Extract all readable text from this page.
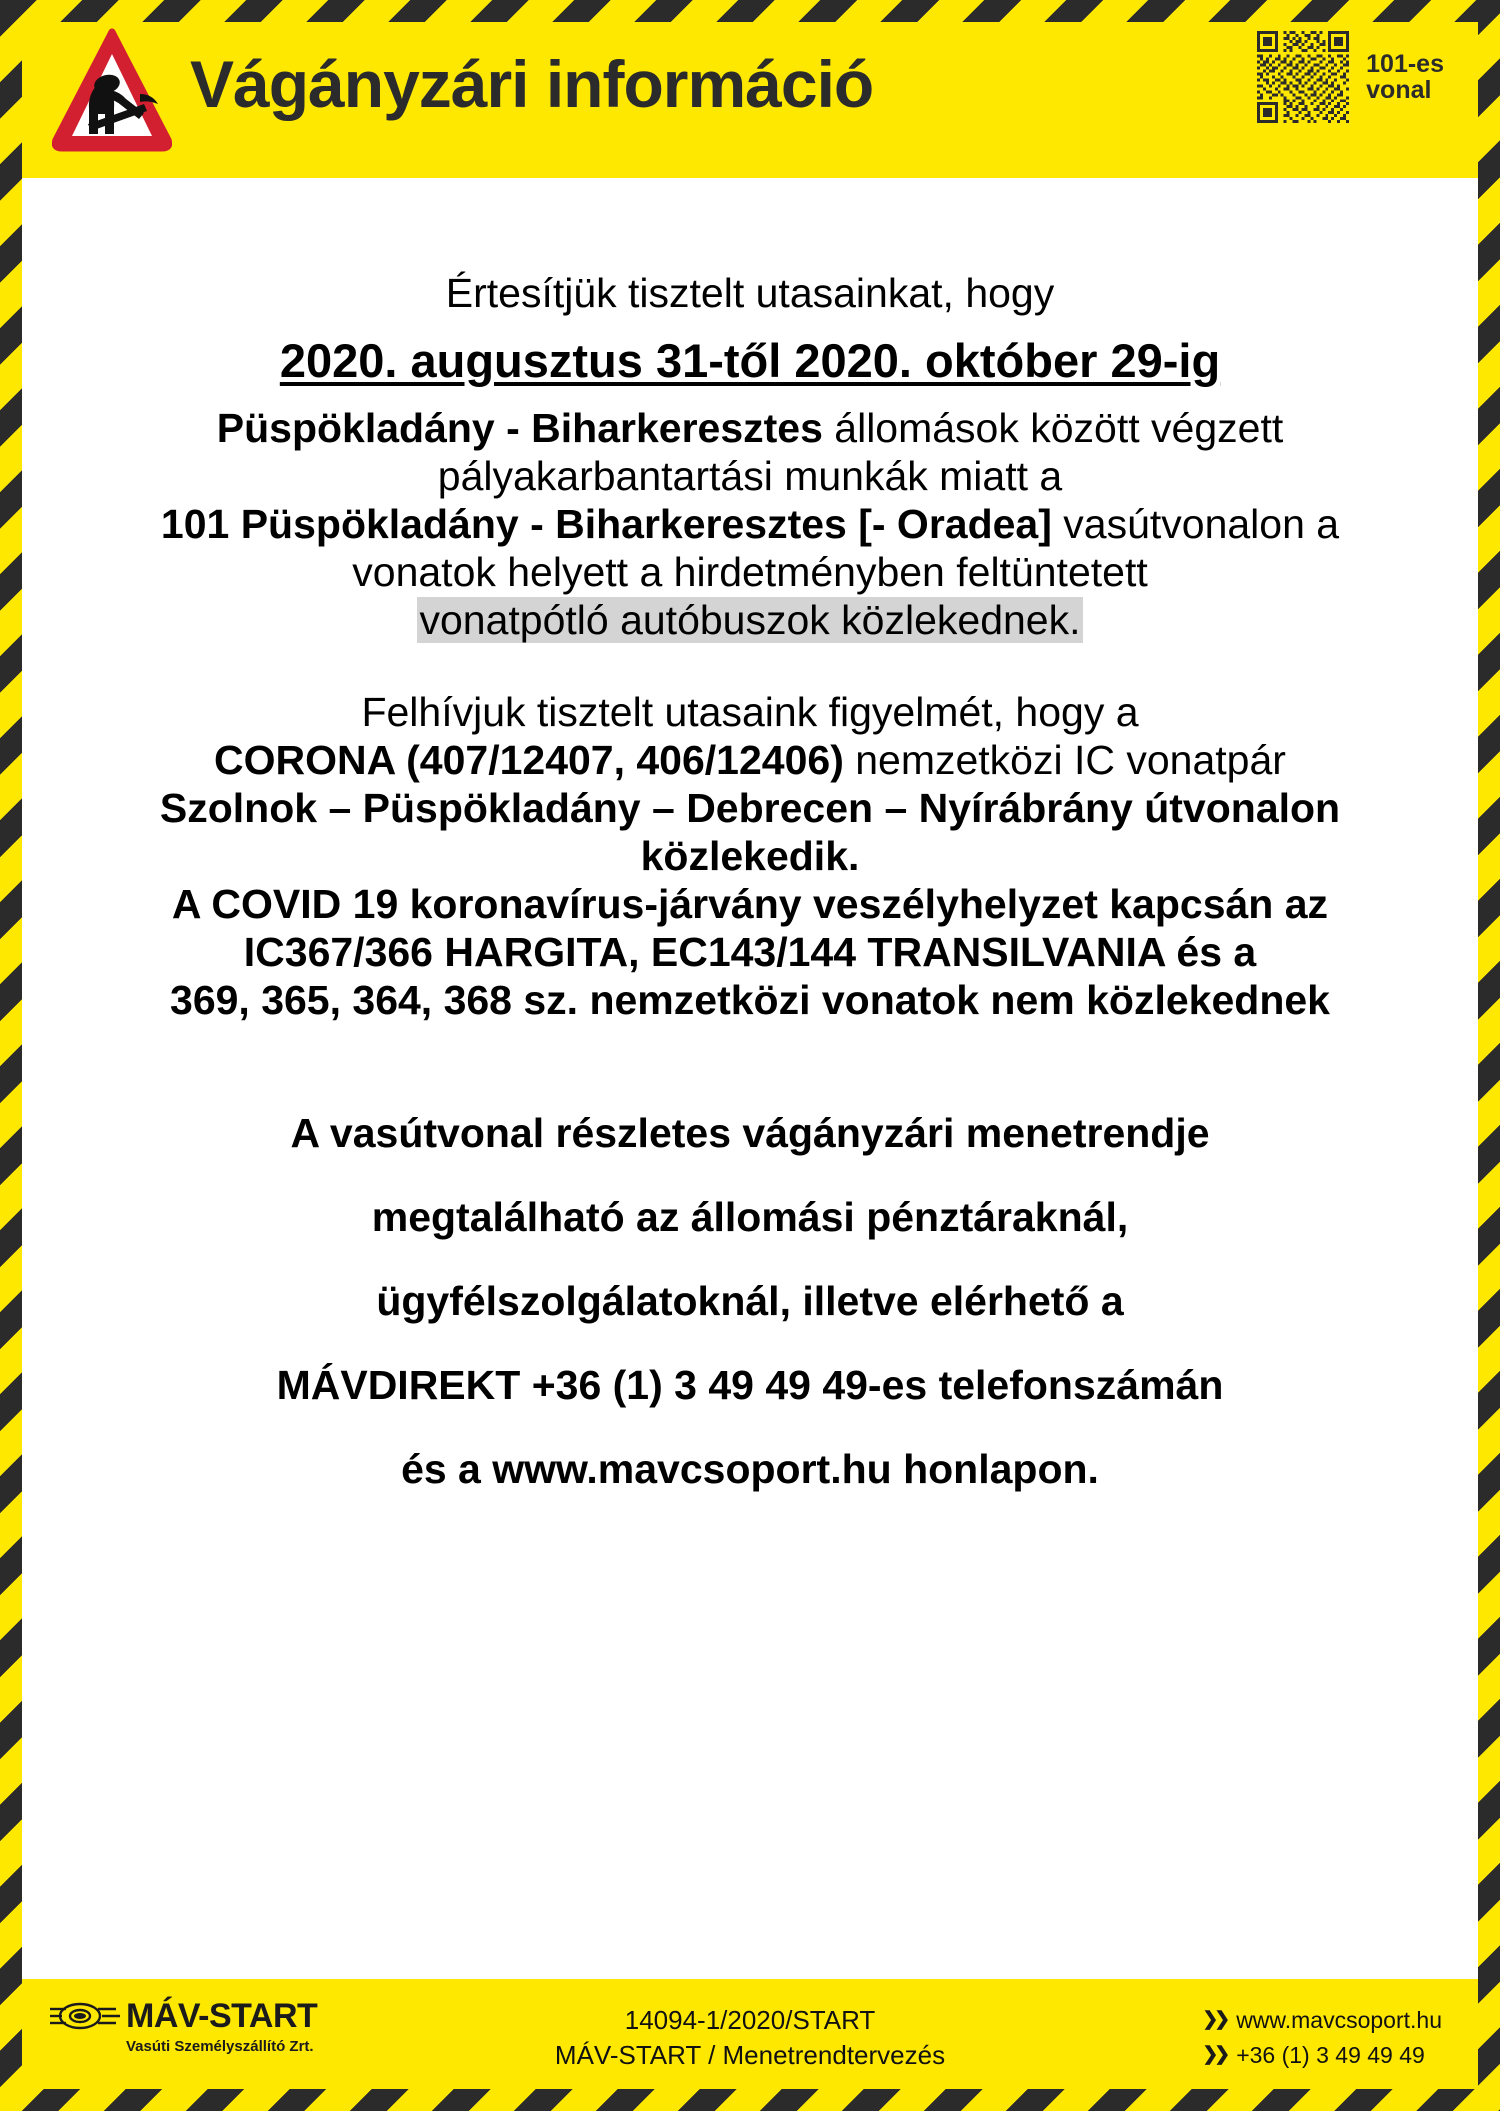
Vágányzári információ	101-es
vonal
Értesítjük tisztelt utasainkat, hogy
2020. augusztus 31-től 2020. október 29-ig
Püspökladány - Biharkeresztes állomások között végzett
pályakarbantartási munkák miatt a
101 Püspökladány - Biharkeresztes [- Oradea] vasútvonalon a
vonatok helyett a hirdetményben feltüntetett
vonatpótló autóbuszok közlekednek.
Felhívjuk tisztelt utasaink figyelmét, hogy a
CORONA (407/12407, 406/12406) nemzetközi IC vonatpár
Szolnok – Püspökladány – Debrecen – Nyírábrány útvonalon
közlekedik.
A COVID 19 koronavírus-járvány veszélyhelyzet kapcsán az
IC367/366 HARGITA, EC143/144 TRANSILVANIA és a
369, 365, 364, 368 sz. nemzetközi vonatok nem közlekednek
A vasútvonal részletes vágányzári menetrendje
megtalálható az állomási pénztáraknál,
ügyfélszolgálatoknál, illetve elérhető a
MÁVDIREKT +36 (1) 3 49 49 49-es telefonszámán
és a www.mavcsoport.hu honlapon.
MÁV-START
Vasúti Személyszállító Zrt.
14094-1/2020/START
MÁV-START / Menetrendtervezés
❯❯ www.mavcsoport.hu
❯❯ +36 (1) 3 49 49 49
